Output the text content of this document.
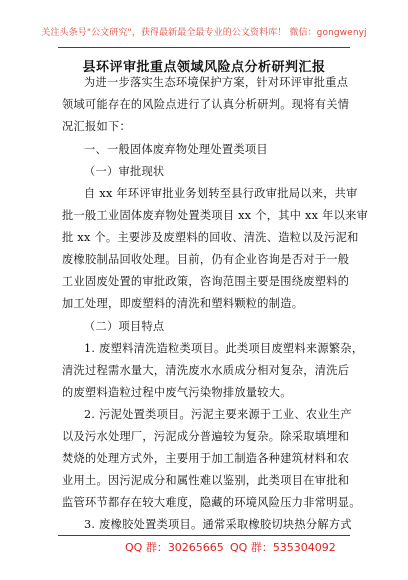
关注头条号"公文研究"，获得最新最全最专业的公文资料库！ 微信：gongwenyj
县环评审批重点领域风险点分析研判汇报
为进一步落实生态环境保护方案，针对环评审批重点
领域可能存在的风险点进行了认真分析研判。现将有关情
况汇报如下：
一、一般固体废弃物处理处置类项目
（一）审批现状
自 xx 年环评审批业务划转至县行政审批局以来，共审
批一般工业固体废弃物处置类项目 xx 个，其中 xx 年以来审
批 xx 个。主要涉及废塑料的回收、清洗、造粒以及污泥和
废橡胶制品回收处理。目前，仍有企业咨询是否对于一般
工业固废处置的审批政策，咨询范围主要是围绕废塑料的
加工处理，即废塑料的清洗和塑料颗粒的制造。
（二）项目特点
1. 废塑料清洗造粒类项目。此类项目废塑料来源繁杂，
清洗过程需水量大，清洗废水水质成分相对复杂，清洗后
的废塑料造粒过程中废气污染物排放量较大。
2. 污泥处置类项目。污泥主要来源于工业、农业生产
以及污水处理厂，污泥成分普遍较为复杂。除采取填埋和
焚烧的处理方式外，主要用于加工制造各种建筑材料和农
业用土。因污泥成分和属性难以鉴别，此类项目在审批和
监管环节都存在较大难度，隐藏的环境风险压力非常明显。
3. 废橡胶处置类项目。通常采取橡胶切块热分解方式
QQ 群：30265665 QQ 群：535304092
